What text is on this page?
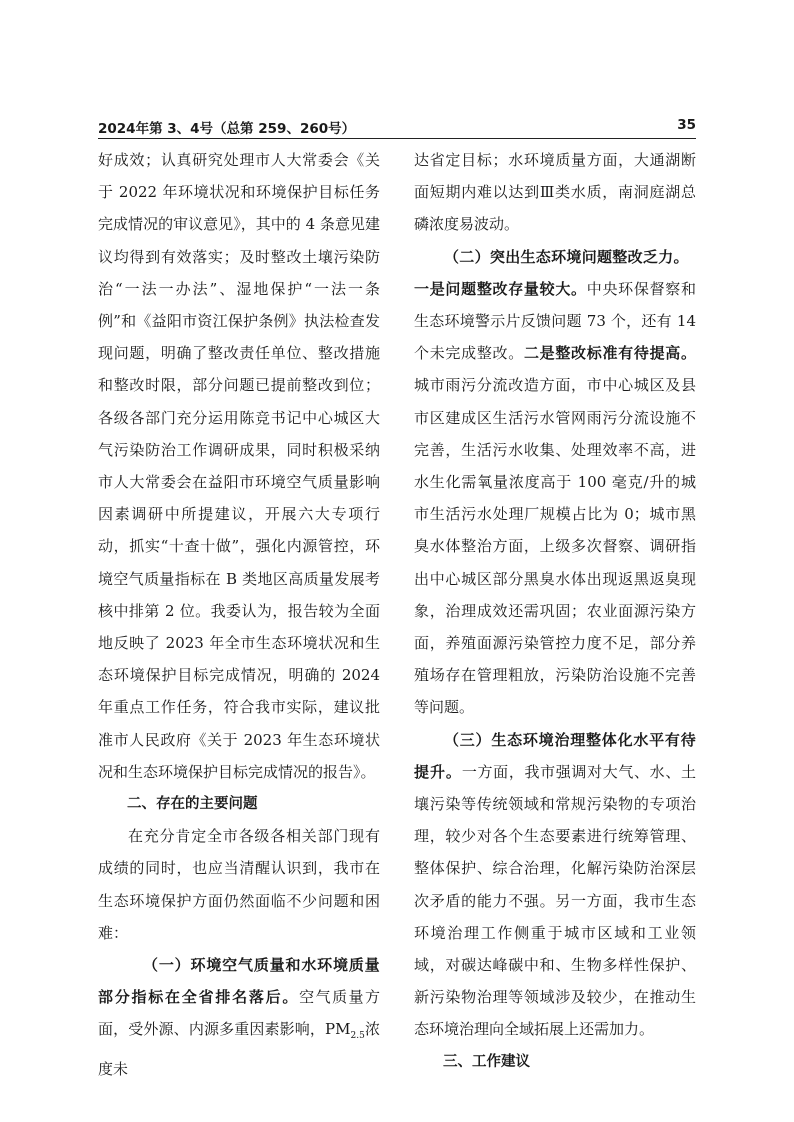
2024年第 3、4号（总第 259、260号）	35

好成效；认真研究处理市人大常委会《关于 2022 年环境状况和环境保护目标任务完成情况的审议意见》，其中的 4 条意见建议均得到有效落实；及时整改土壤污染防治“一法一办法”、湿地保护“一法一条例”和《益阳市资江保护条例》执法检查发现问题，明确了整改责任单位、整改措施和整改时限，部分问题已提前整改到位；各级各部门充分运用陈竞书记中心城区大气污染防治工作调研成果，同时积极采纳市人大常委会在益阳市环境空气质量影响因素调研中所提建议，开展六大专项行动，抓实“十查十做”，强化内源管控，环境空气质量指标在 B 类地区高质量发展考核中排第 2 位。我委认为，报告较为全面地反映了 2023 年全市生态环境状况和生态环境保护目标完成情况，明确的 2024 年重点工作任务，符合我市实际，建议批准市人民政府《关于 2023 年生态环境状况和生态环境保护目标完成情况的报告》。

二、存在的主要问题

在充分肯定全市各级各相关部门现有成绩的同时，也应当清醒认识到，我市在生态环境保护方面仍然面临不少问题和困难：

（一）环境空气质量和水环境质量部分指标在全省排名落后。空气质量方面，受外源、内源多重因素影响，$PM_{2.5}$浓度未

达省定目标；水环境质量方面，大通湖断面短期内难以达到Ⅲ类水质，南洞庭湖总磷浓度易波动。

（二）突出生态环境问题整改乏力。

一是问题整改存量较大。中央环保督察和生态环境警示片反馈问题 73 个，还有 14 个未完成整改。二是整改标准有待提高。城市雨污分流改造方面，市中心城区及县市区建成区生活污水管网雨污分流设施不完善，生活污水收集、处理效率不高，进水生化需氧量浓度高于 100 毫克/升的城市生活污水处理厂规模占比为 0；城市黑臭水体整治方面，上级多次督察、调研指出中心城区部分黑臭水体出现返黑返臭现象，治理成效还需巩固；农业面源污染方面，养殖面源污染管控力度不足，部分养殖场存在管理粗放，污染防治设施不完善等问题。

（三）生态环境治理整体化水平有待提升。一方面，我市强调对大气、水、土壤污染等传统领域和常规污染物的专项治理，较少对各个生态要素进行统筹管理、整体保护、综合治理，化解污染防治深层次矛盾的能力不强。另一方面，我市生态环境治理工作侧重于城市区域和工业领域，对碳达峰碳中和、生物多样性保护、新污染物治理等领域涉及较少，在推动生态环境治理向全域拓展上还需加力。

三、工作建议
